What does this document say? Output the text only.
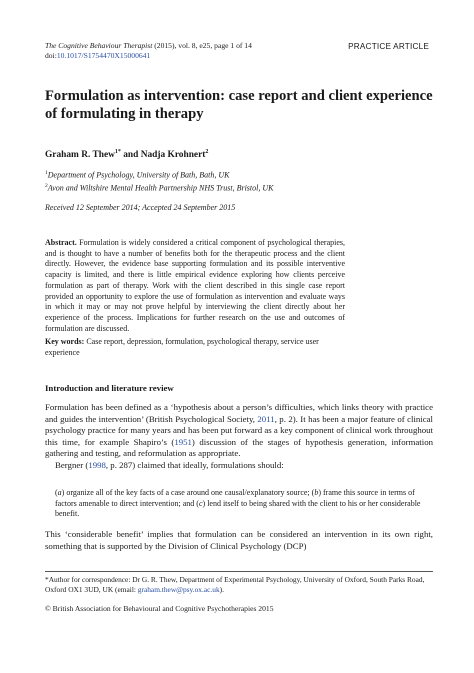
The Cognitive Behaviour Therapist (2015), vol. 8, e25, page 1 of 14
doi:10.1017/S1754470X15000641
PRACTICE ARTICLE
Formulation as intervention: case report and client experience of formulating in therapy
Graham R. Thew$^{1*}$ and Nadja Krohnert$^2$
$^1$Department of Psychology, University of Bath, Bath, UK
$^2$Avon and Wiltshire Mental Health Partnership NHS Trust, Bristol, UK
Received 12 September 2014; Accepted 24 September 2015
Abstract. Formulation is widely considered a critical component of psychological therapies, and is thought to have a number of benefits both for the therapeutic process and the client directly. However, the evidence base supporting formulation and its possible interventive capacity is limited, and there is little empirical evidence exploring how clients perceive formulation as part of therapy. Work with the client described in this single case report provided an opportunity to explore the use of formulation as intervention and evaluate ways in which it may or may not prove helpful by interviewing the client directly about her experience of the process. Implications for further research on the use and outcomes of formulation are discussed.
Key words: Case report, depression, formulation, psychological therapy, service user experience
Introduction and literature review

Formulation has been defined as a ‘hypothesis about a person’s difficulties, which links theory with practice and guides the intervention’ (British Psychological Society, 2011, p. 2). It has been a major feature of clinical psychology practice for many years and has been put forward as a key component of clinical work throughout this time, for example Shapiro’s (1951) discussion of the stages of hypothesis generation, information gathering and testing, and reformulation as appropriate.

Bergner (1998, p. 287) claimed that ideally, formulations should:

(a) organize all of the key facts of a case around one causal/explanatory source; (b) frame this source in terms of factors amenable to direct intervention; and (c) lend itself to being shared with the client to his or her considerable benefit.
This ‘considerable benefit’ implies that formulation can be considered an intervention in its own right, something that is supported by the Division of Clinical Psychology (DCP)
*Author for correspondence: Dr G. R. Thew, Department of Experimental Psychology, University of Oxford, South Parks Road, Oxford OX1 3UD, UK (email: graham.thew@psy.ox.ac.uk).
© British Association for Behavioural and Cognitive Psychotherapies 2015
